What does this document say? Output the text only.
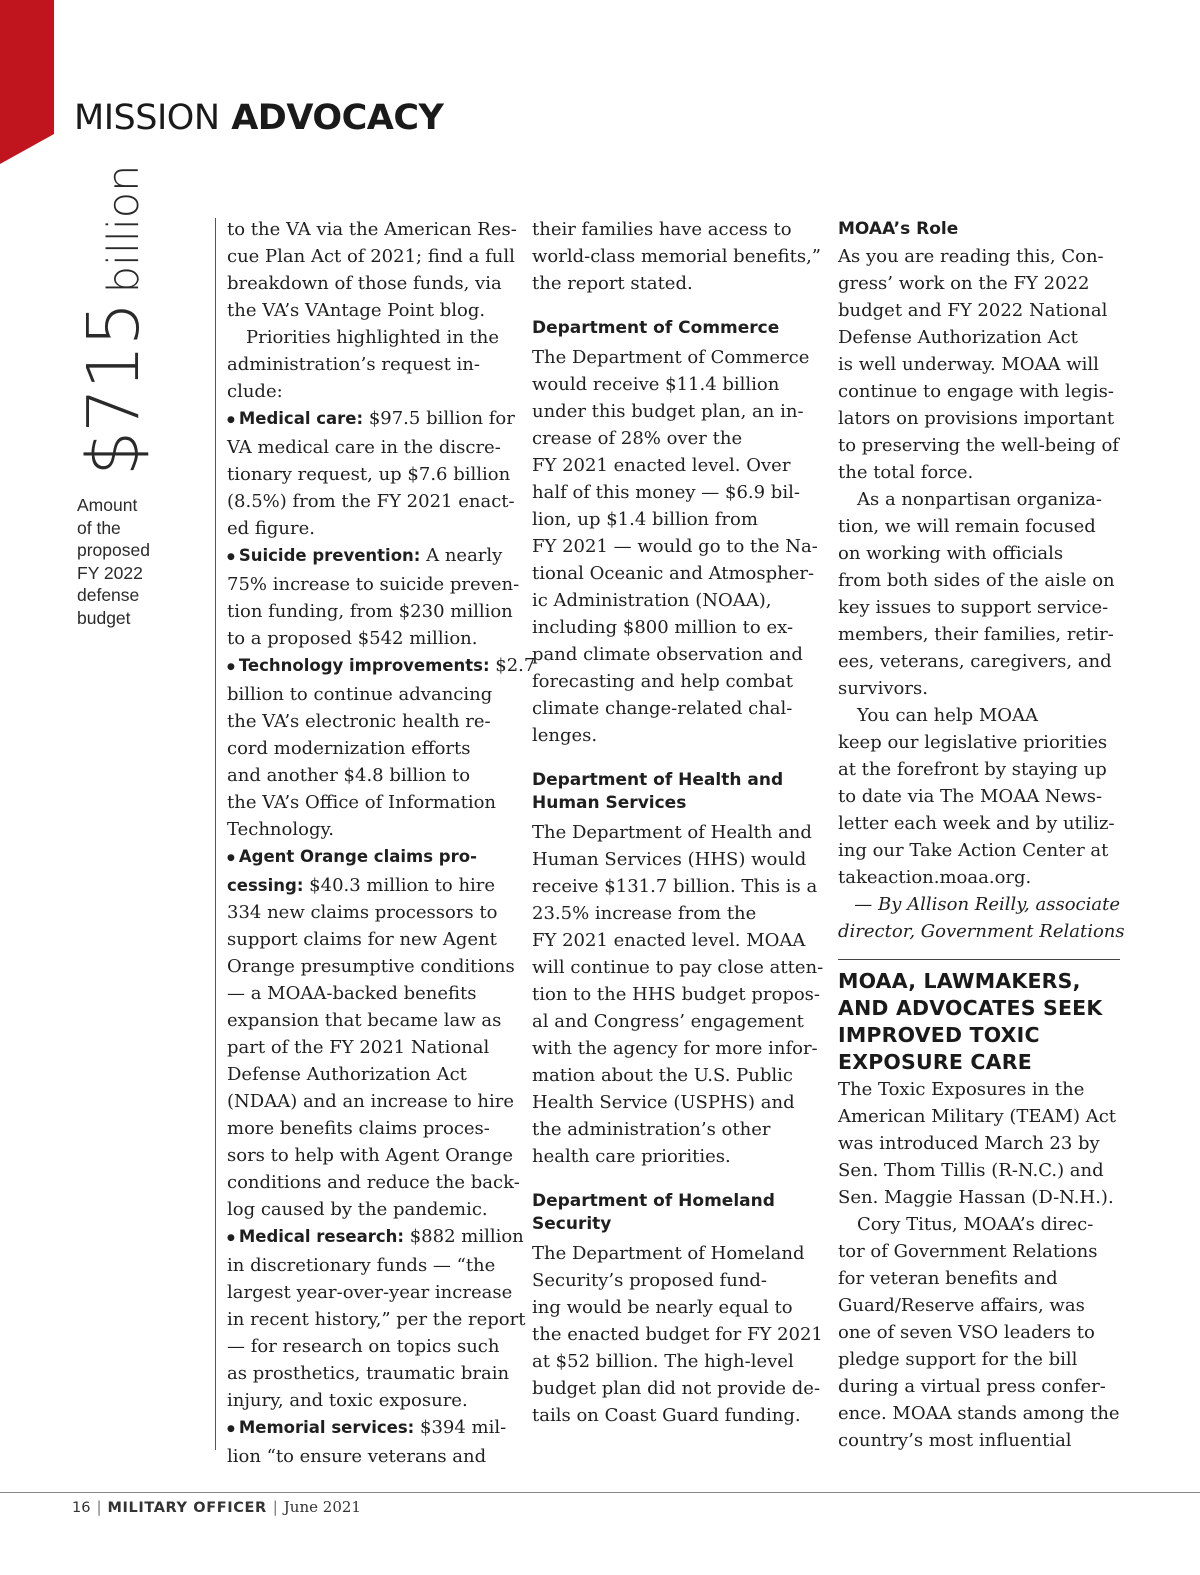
MISSION ADVOCACY
$715billion
Amount
of the
proposed
FY 2022
defense
budget

to the VA via the American Res-
cue Plan Act of 2021; find a full
breakdown of those funds, via
the VA’s VAntage Point blog.

Priorities highlighted in the
administration’s request in-
clude:

● Medical care: $97.5 billion for
VA medical care in the discre-
tionary request, up $7.6 billion
(8.5%) from the FY 2021 enact-
ed figure.
● Suicide prevention: A nearly
75% increase to suicide preven-
tion funding, from $230 million
to a proposed $542 million.
● Technology improvements: $2.7
billion to continue advancing
the VA’s electronic health re-
cord modernization efforts
and another $4.8 billion to
the VA’s Office of Information
Technology.
● Agent Orange claims pro-
cessing: $40.3 million to hire
334 new claims processors to
support claims for new Agent
Orange presumptive conditions
— a MOAA-backed benefits
expansion that became law as
part of the FY 2021 National
Defense Authorization Act
(NDAA) and an increase to hire
more benefits claims proces-
sors to help with Agent Orange
conditions and reduce the back-
log caused by the pandemic.
● Medical research: $882 million
in discretionary funds — “the
largest year-over-year increase
in recent history,” per the report
— for research on topics such
as prosthetics, traumatic brain
injury, and toxic exposure.
● Memorial services: $394 mil-
lion “to ensure veterans and

their families have access to
world-class memorial benefits,”
the report stated.

Department of Commerce

The Department of Commerce
would receive $11.4 billion
under this budget plan, an in-
crease of 28% over the
FY 2021 enacted level. Over
half of this money — $6.9 bil-
lion, up $1.4 billion from
FY 2021 — would go to the Na-
tional Oceanic and Atmospher-
ic Administration (NOAA),
including $800 million to ex-
pand climate observation and
forecasting and help combat
climate change-related chal-
lenges.

Department of Health and
Human Services

The Department of Health and
Human Services (HHS) would
receive $131.7 billion. This is a
23.5% increase from the
FY 2021 enacted level. MOAA
will continue to pay close atten-
tion to the HHS budget propos-
al and Congress’ engagement
with the agency for more infor-
mation about the U.S. Public
Health Service (USPHS) and
the administration’s other
health care priorities.

Department of Homeland
Security

The Department of Homeland
Security’s proposed fund-
ing would be nearly equal to
the enacted budget for FY 2021
at $52 billion. The high-level
budget plan did not provide de-
tails on Coast Guard funding.

MOAA’s Role

As you are reading this, Con-
gress’ work on the FY 2022
budget and FY 2022 National
Defense Authorization Act
is well underway. MOAA will
continue to engage with legis-
lators on provisions important
to preserving the well-being of
the total force.

As a nonpartisan organiza-
tion, we will remain focused
on working with officials
from both sides of the aisle on
key issues to support service-
members, their families, retir-
ees, veterans, caregivers, and
survivors.

You can help MOAA
keep our legislative priorities
at the forefront by staying up
to date via The MOAA News-
letter each week and by utiliz-
ing our Take Action Center at
takeaction.moaa.org.

— By Allison Reilly, associate
director, Government Relations
MOAA, LAWMAKERS,
AND ADVOCATES SEEK
IMPROVED TOXIC
EXPOSURE CARE

The Toxic Exposures in the
American Military (TEAM) Act
was introduced March 23 by
Sen. Thom Tillis (R-N.C.) and
Sen. Maggie Hassan (D-N.H.).

Cory Titus, MOAA’s direc-
tor of Government Relations
for veteran benefits and
Guard/Reserve affairs, was
one of seven VSO leaders to
pledge support for the bill
during a virtual press confer-
ence. MOAA stands among the
country’s most influential

16 | MILITARY OFFICER | June 2021
